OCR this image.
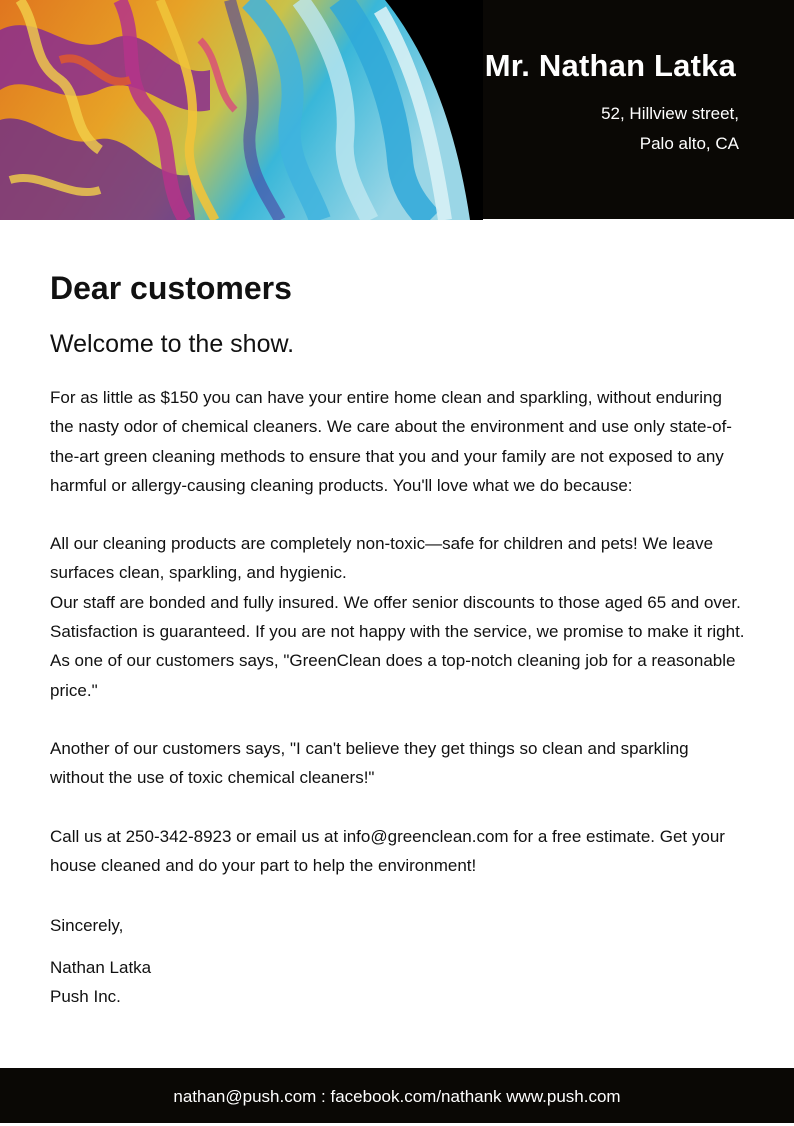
Mr. Nathan Latka
52, Hillview street,
Palo alto, CA
Dear customers
Welcome to the show.

For as little as $150 you can have your entire home clean and sparkling, without enduring the nasty odor of chemical cleaners. We care about the environment and use only state-of-the-art green cleaning methods to ensure that you and your family are not exposed to any harmful or allergy-causing cleaning products. You'll love what we do because:

All our cleaning products are completely non-toxic—safe for children and pets! We leave surfaces clean, sparkling, and hygienic.

Our staff are bonded and fully insured. We offer senior discounts to those aged 65 and over. Satisfaction is guaranteed. If you are not happy with the service, we promise to make it right. As one of our customers says, "GreenClean does a top-notch cleaning job for a reasonable price."

Another of our customers says, "I can't believe they get things so clean and sparkling without the use of toxic chemical cleaners!"

Call us at 250-342-8923 or email us at info@greenclean.com for a free estimate. Get your house cleaned and do your part to help the environment!

Sincerely,

Nathan Latka
Push Inc.
nathan@push.com : facebook.com/nathank www.push.com
